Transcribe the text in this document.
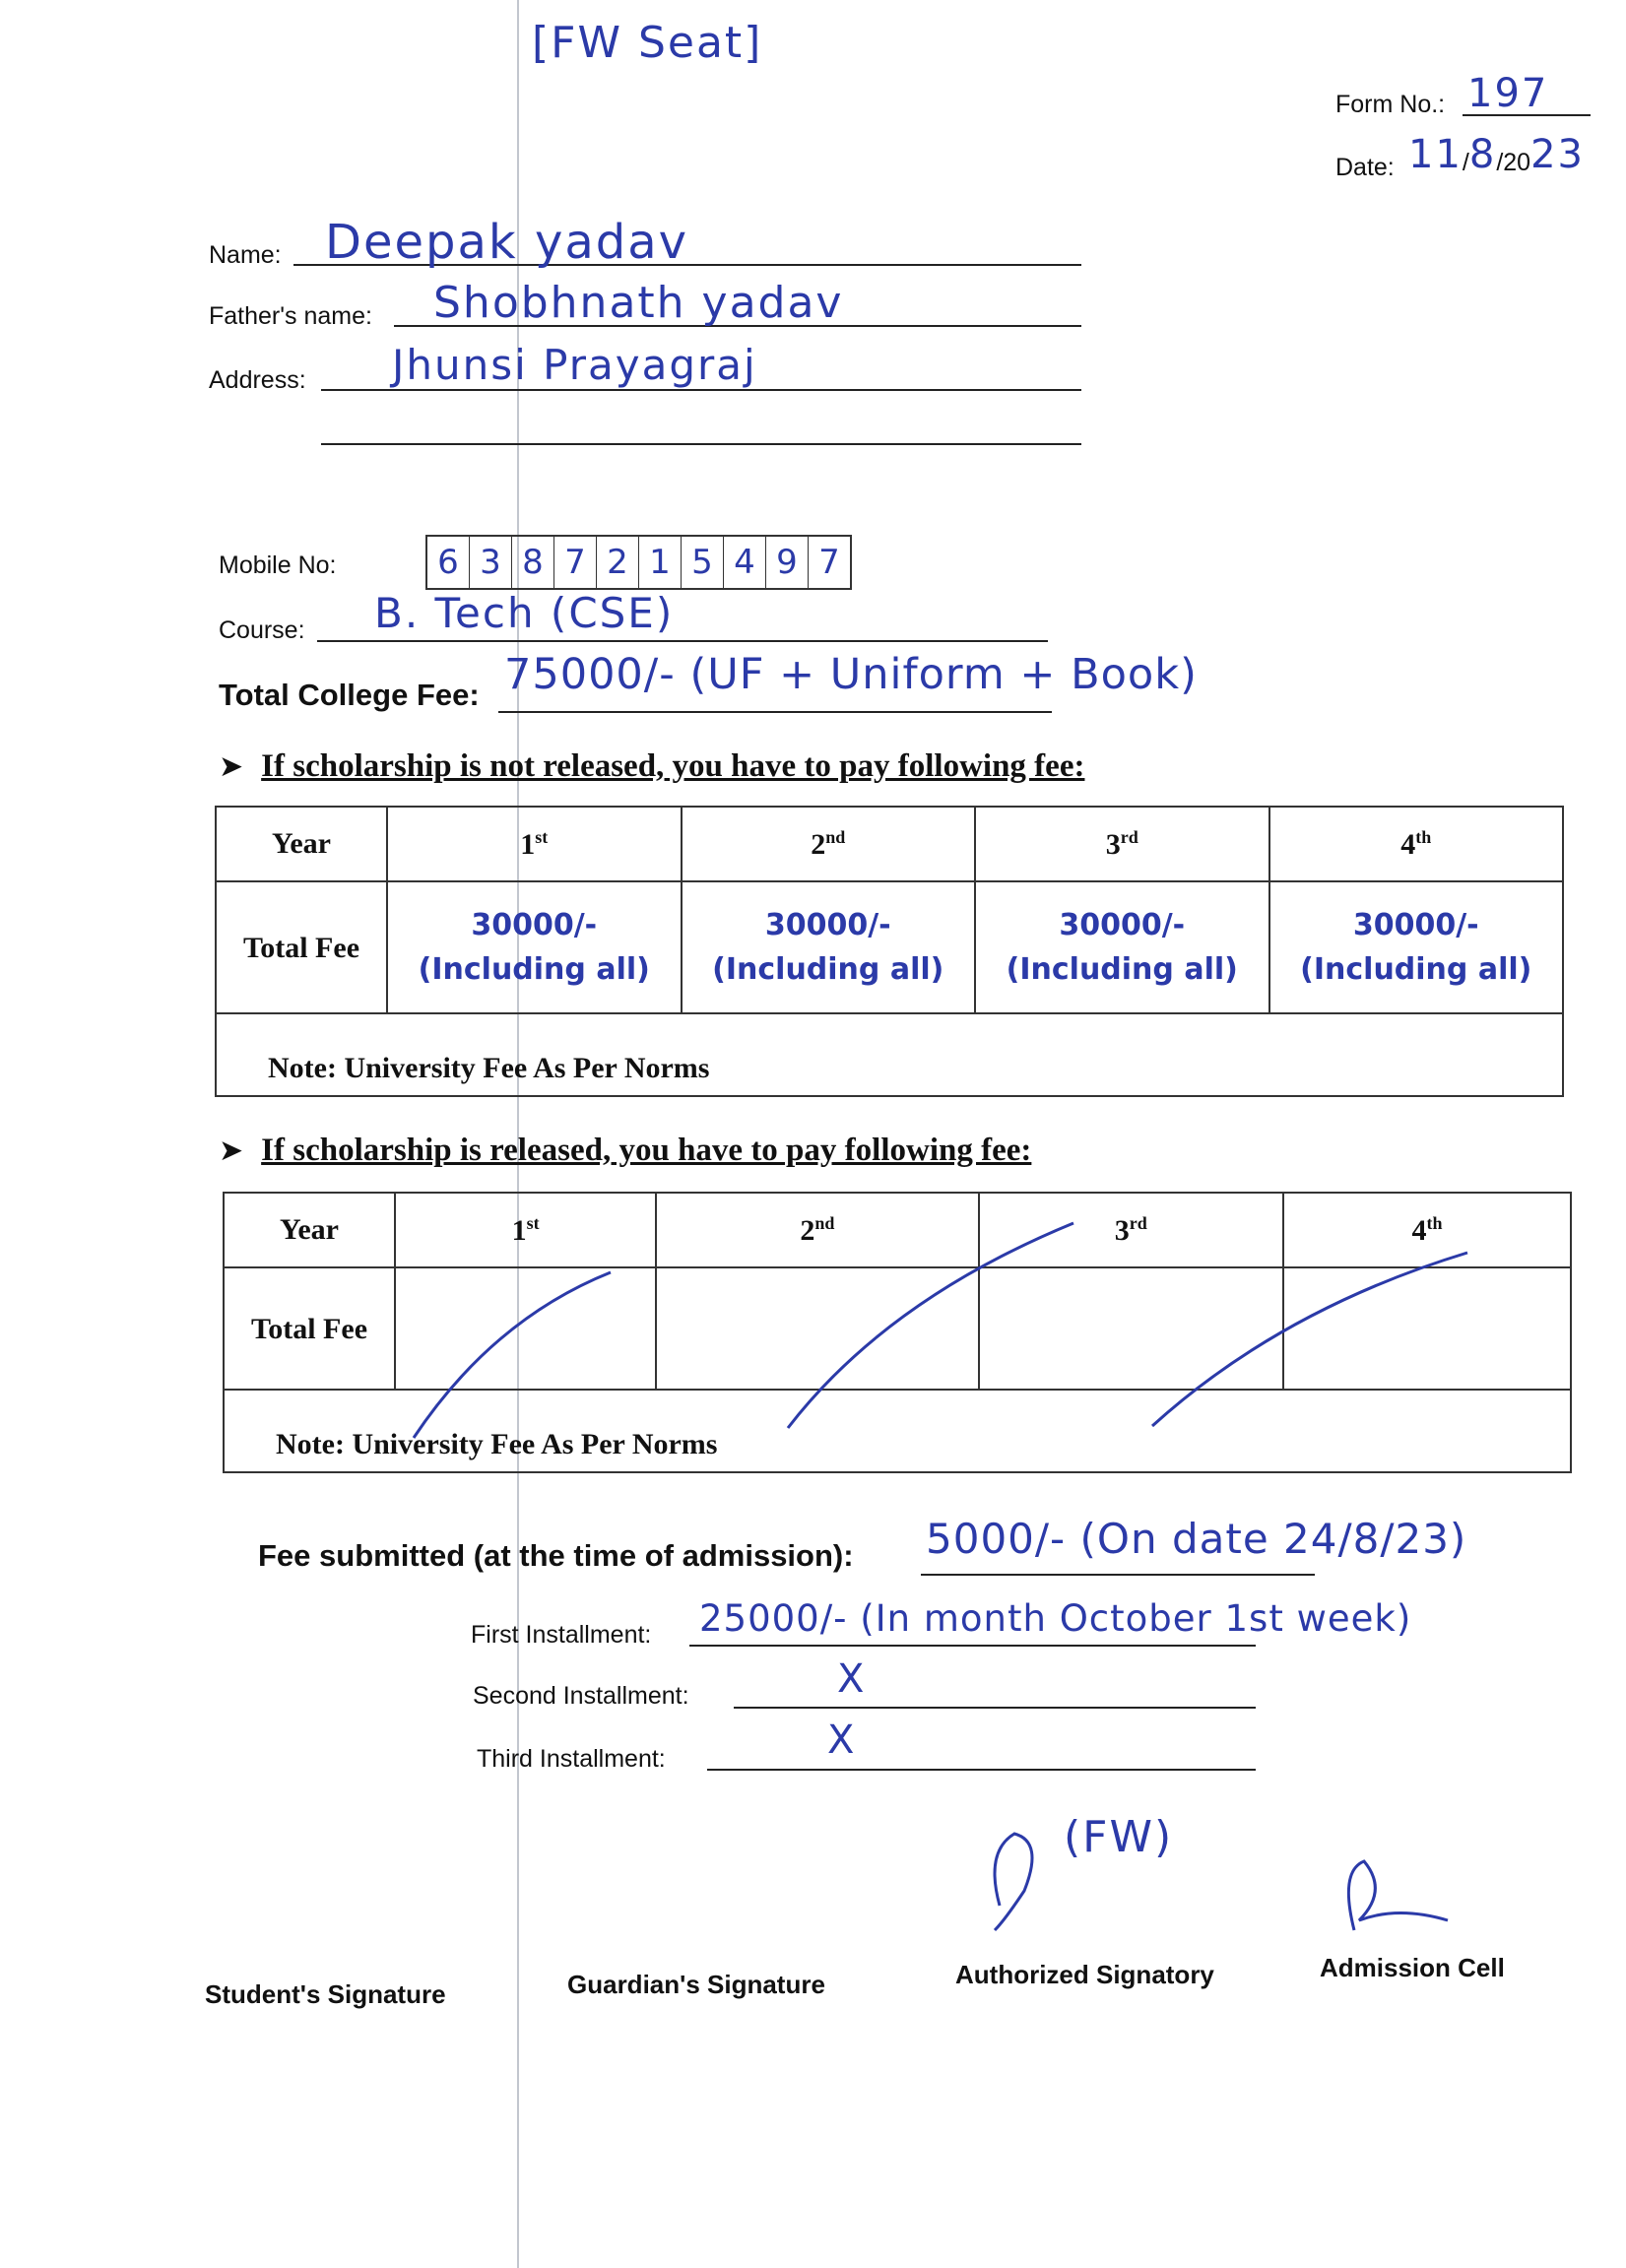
[FW Seat]
Form No.: 197
Date: 11 / 8 / 20 23
Name: Deepak yadav
Father's name: Shobhnath yadav
Address: Jhunsi Prayagraj
Mobile No:	6 3 8 7 2 1 5 4 9 7
Course: B. Tech (CSE)
Total College Fee: 75000/- (UF + Uniform + Book)
➤ If scholarship is not released, you have to pay following fee:
Year	1st	2nd	3rd	4th
Total Fee	30000/- (Including all)	30000/- (Including all)	30000/- (Including all)	30000/- (Including all)
Note: University Fee As Per Norms				
➤ If scholarship is released, you have to pay following fee:
Year	1st	2nd	3rd	4th
Total Fee				
Note: University Fee As Per Norms				
Fee submitted (at the time of admission): 5000/- (On date 24/8/23)
First Installment: 25000/- (In month October 1st week)
Second Installment:	X
Third Installment:	X
(FW)
Student's Signature	Guardian's Signature	Authorized Signatory	Admission Cell
